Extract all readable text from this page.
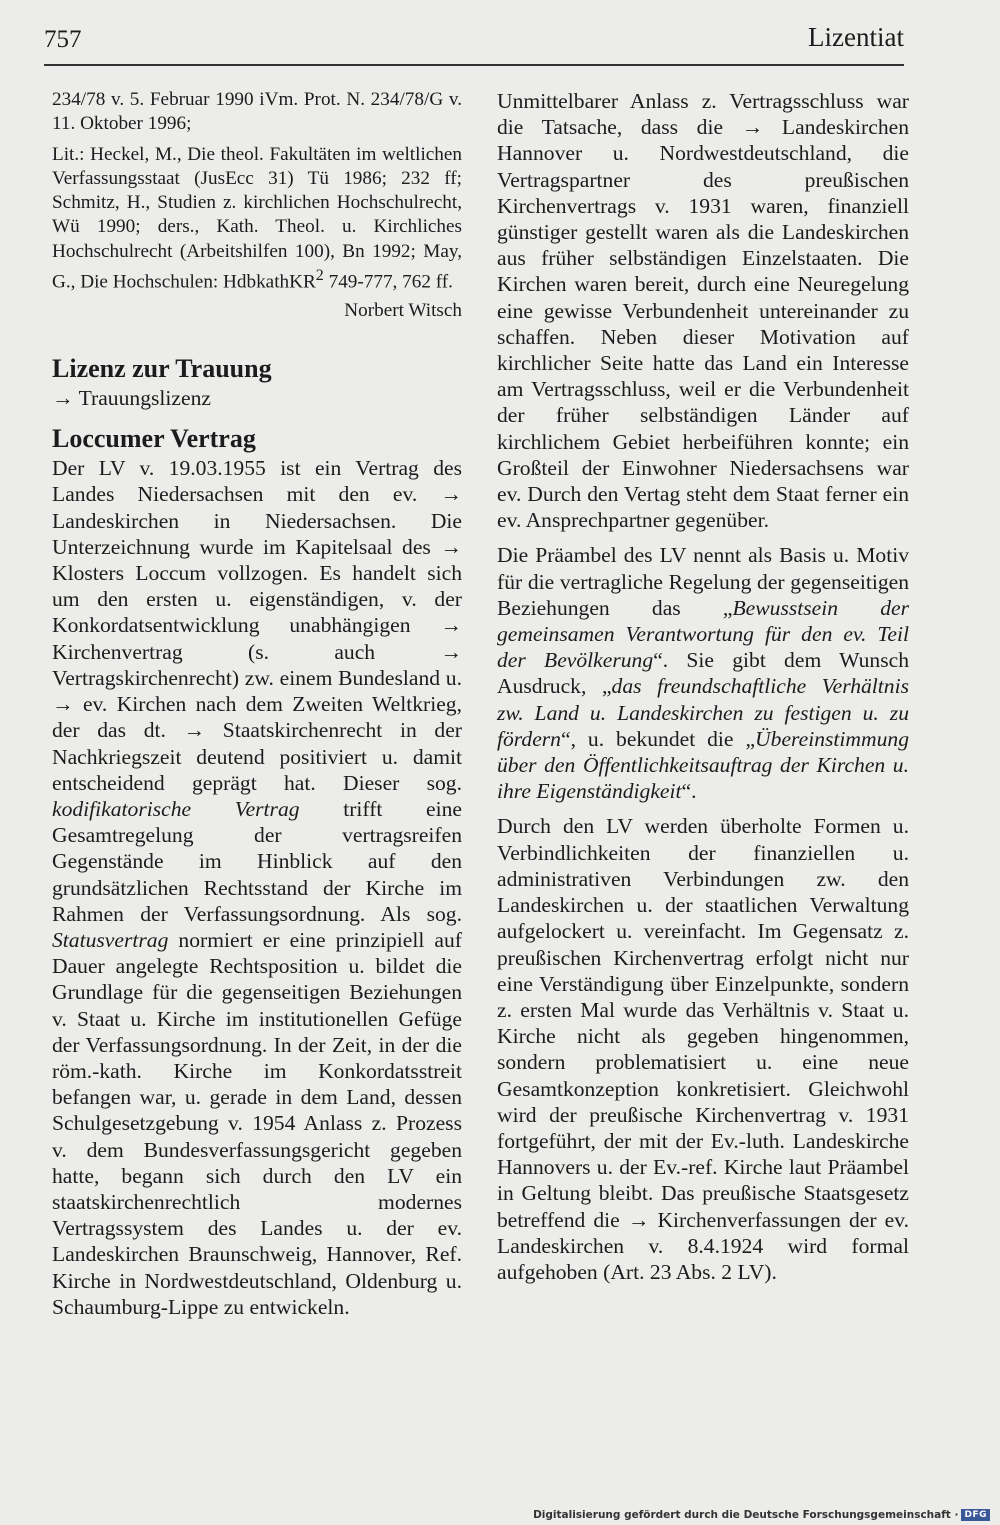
757	Lizentiat

234/78 v. 5. Februar 1990 iVm. Prot. N. 234/78/G v. 11. Oktober 1996;

Lit.: Heckel, M., Die theol. Fakultäten im weltlichen Verfassungsstaat (JusEcc 31) Tü 1986; 232 ff; Schmitz, H., Studien z. kirchlichen Hochschulrecht, Wü 1990; ders., Kath. Theol. u. Kirchliches Hochschulrecht (Arbeitshilfen 100), Bn 1992; May, G., Die Hochschulen: HdbkathKR$^2$ 749-777, 762 ff.

Norbert Witsch

Lizenz zur Trauung

→ Trauungslizenz

Loccumer Vertrag

Der LV v. 19.03.1955 ist ein Vertrag des Landes Niedersachsen mit den ev. → Landeskirchen in Niedersachsen. Die Unterzeichnung wurde im Kapitelsaal des → Klosters Loccum vollzogen. Es handelt sich um den ersten u. eigenständigen, v. der Konkordatsentwicklung unabhängigen → Kirchenvertrag (s. auch → Vertragskirchenrecht) zw. einem Bundesland u. → ev. Kirchen nach dem Zweiten Weltkrieg, der das dt. → Staatskirchenrecht in der Nachkriegszeit deutend positiviert u. damit entscheidend geprägt hat. Dieser sog. kodifikatorische Vertrag trifft eine Gesamtregelung der vertragsreifen Gegenstände im Hinblick auf den grundsätzlichen Rechtsstand der Kirche im Rahmen der Verfassungsordnung. Als sog. Statusvertrag normiert er eine prinzipiell auf Dauer angelegte Rechtsposition u. bildet die Grundlage für die gegenseitigen Beziehungen v. Staat u. Kirche im institutionellen Gefüge der Verfassungsordnung. In der Zeit, in der die röm.-kath. Kirche im Konkordatsstreit befangen war, u. gerade in dem Land, dessen Schulgesetzgebung v. 1954 Anlass z. Prozess v. dem Bundesverfassungsgericht gegeben hatte, begann sich durch den LV ein staatskirchenrechtlich modernes Vertragssystem des Landes u. der ev. Landeskirchen Braunschweig, Hannover, Ref. Kirche in Nordwestdeutschland, Oldenburg u. Schaumburg-Lippe zu entwickeln.

Unmittelbarer Anlass z. Vertragsschluss war die Tatsache, dass die → Landeskirchen Hannover u. Nordwestdeutschland, die Vertragspartner des preußischen Kirchenvertrags v. 1931 waren, finanziell günstiger gestellt waren als die Landeskirchen aus früher selbständigen Einzelstaaten. Die Kirchen waren bereit, durch eine Neuregelung eine gewisse Verbundenheit untereinander zu schaffen. Neben dieser Motivation auf kirchlicher Seite hatte das Land ein Interesse am Vertragsschluss, weil er die Verbundenheit der früher selbständigen Länder auf kirchlichem Gebiet herbeiführen konnte; ein Großteil der Einwohner Niedersachsens war ev. Durch den Vertag steht dem Staat ferner ein ev. Ansprechpartner gegenüber.

Die Präambel des LV nennt als Basis u. Motiv für die vertragliche Regelung der gegenseitigen Beziehungen das „Bewusstsein der gemeinsamen Verantwortung für den ev. Teil der Bevölkerung“. Sie gibt dem Wunsch Ausdruck, „das freundschaftliche Verhältnis zw. Land u. Landeskirchen zu festigen u. zu fördern“, u. bekundet die „Übereinstimmung über den Öffentlichkeitsauftrag der Kirchen u. ihre Eigenständigkeit“.

Durch den LV werden überholte Formen u. Verbindlichkeiten der finanziellen u. administrativen Verbindungen zw. den Landeskirchen u. der staatlichen Verwaltung aufgelockert u. vereinfacht. Im Gegensatz z. preußischen Kirchenvertrag erfolgt nicht nur eine Verständigung über Einzelpunkte, sondern z. ersten Mal wurde das Verhältnis v. Staat u. Kirche nicht als gegeben hingenommen, sondern problematisiert u. eine neue Gesamtkonzeption konkretisiert. Gleichwohl wird der preußische Kirchenvertrag v. 1931 fortgeführt, der mit der Ev.-luth. Landeskirche Hannovers u. der Ev.-ref. Kirche laut Präambel in Geltung bleibt. Das preußische Staatsgesetz betreffend die → Kirchenverfassungen der ev. Landeskirchen v. 8.4.1924 wird formal aufgehoben (Art. 23 Abs. 2 LV).

Digitalisierung gefördert durch die Deutsche Forschungsgemeinschaft · DFG
